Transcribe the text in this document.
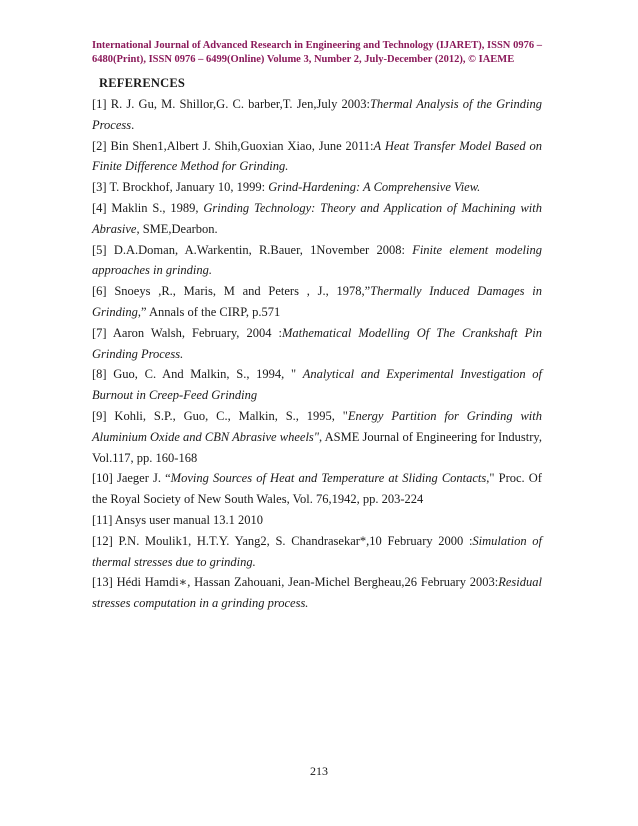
International Journal of Advanced Research in Engineering and Technology (IJARET), ISSN 0976 – 6480(Print), ISSN 0976 – 6499(Online) Volume 3, Number 2, July-December (2012), © IAEME
REFERENCES
[1] R. J. Gu, M. Shillor,G. C. barber,T. Jen,July 2003:Thermal Analysis of the Grinding Process.
[2] Bin Shen1,Albert J. Shih,Guoxian Xiao, June 2011:A Heat Transfer Model Based on Finite Difference Method for Grinding.
[3] T. Brockhof, January 10, 1999: Grind-Hardening: A Comprehensive View.
[4] Maklin S., 1989, Grinding Technology: Theory and Application of Machining with Abrasive, SME,Dearbon.
[5] D.A.Doman, A.Warkentin, R.Bauer, 1November 2008: Finite element modeling approaches in grinding.
[6] Snoeys ,R., Maris, M and Peters , J., 1978,”Thermally Induced Damages in Grinding,” Annals of the CIRP, p.571
[7] Aaron Walsh, February, 2004 :Mathematical Modelling Of The Crankshaft Pin Grinding Process.
[8] Guo, C. And Malkin, S., 1994, " Analytical and Experimental Investigation of Burnout in Creep-Feed Grinding
[9] Kohli, S.P., Guo, C., Malkin, S., 1995, "Energy Partition for Grinding with Aluminium Oxide and CBN Abrasive wheels", ASME Journal of Engineering for Industry, Vol.117, pp. 160-168
[10] Jaeger J. “Moving Sources of Heat and Temperature at Sliding Contacts," Proc. Of the Royal Society of New South Wales, Vol. 76,1942, pp. 203-224
[11] Ansys user manual 13.1 2010
[12] P.N. Moulik1, H.T.Y. Yang2, S. Chandrasekar*,10 February 2000 :Simulation of thermal stresses due to grinding.
[13] Hédi Hamdi∗, Hassan Zahouani, Jean-Michel Bergheau,26 February 2003:Residual stresses computation in a grinding process.
213
